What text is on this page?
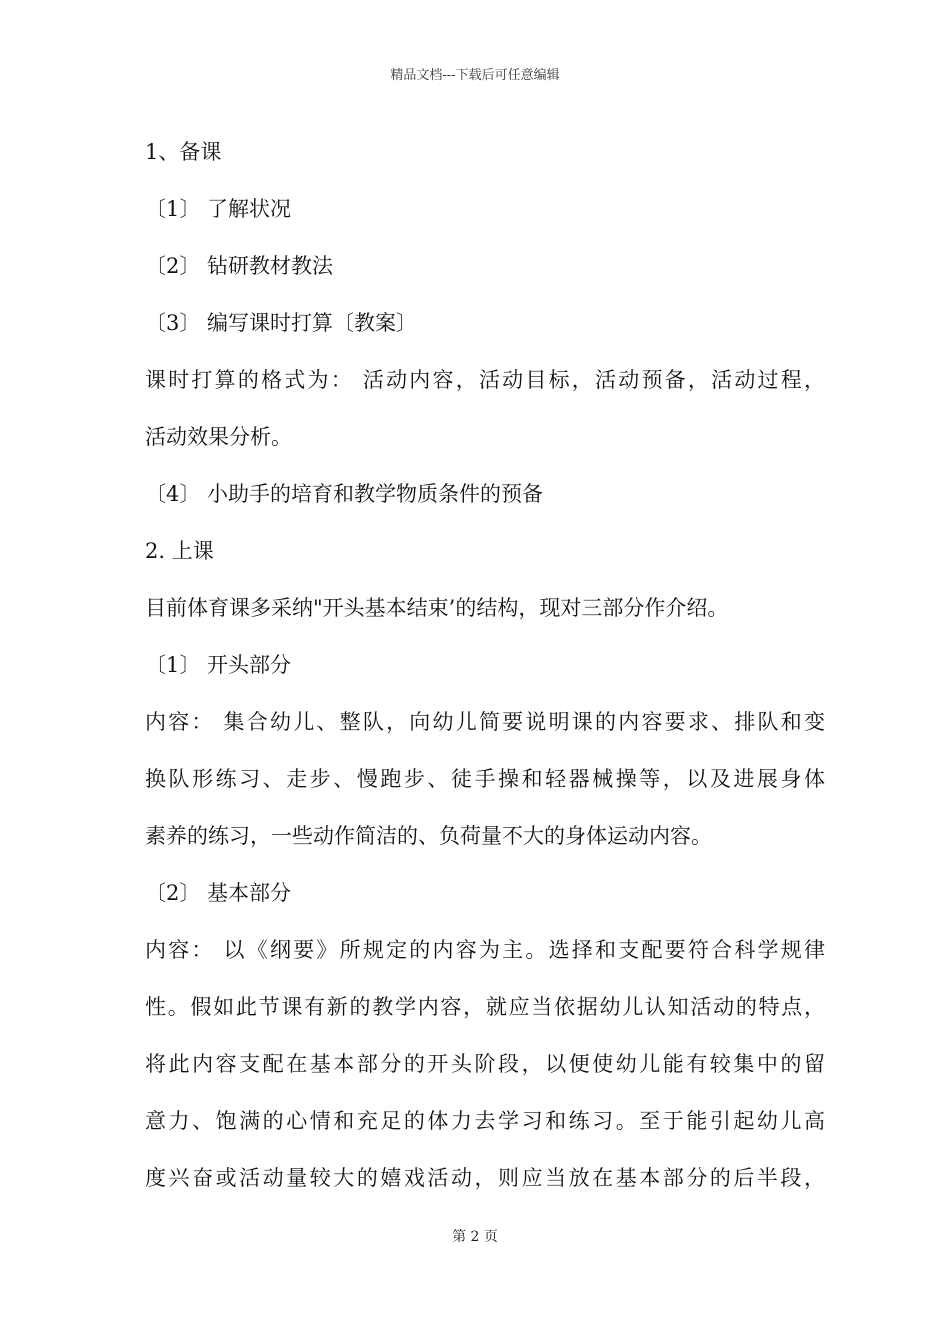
精品文档---下载后可任意编辑
1、备课
〔1〕 了解状况
〔2〕 钻研教材教法
〔3〕 编写课时打算〔教案〕
课时打算的格式为： 活动内容，活动目标，活动预备，活动过程，
活动效果分析。
〔4〕 小助手的培育和教学物质条件的预备
2. 上课
目前体育课多采纳"开头基本结束’的结构，现对三部分作介绍。
〔1〕 开头部分
内容： 集合幼儿、整队，向幼儿简要说明课的内容要求、排队和变
换队形练习、走步、慢跑步、徒手操和轻器械操等，以及进展身体
素养的练习，一些动作简洁的、负荷量不大的身体运动内容。
〔2〕 基本部分
内容： 以《纲要》所规定的内容为主。选择和支配要符合科学规律
性。假如此节课有新的教学内容，就应当依据幼儿认知活动的特点，
将此内容支配在基本部分的开头阶段，以便使幼儿能有较集中的留
意力、饱满的心情和充足的体力去学习和练习。至于能引起幼儿高
度兴奋或活动量较大的嬉戏活动，则应当放在基本部分的后半段，
第 2 页
